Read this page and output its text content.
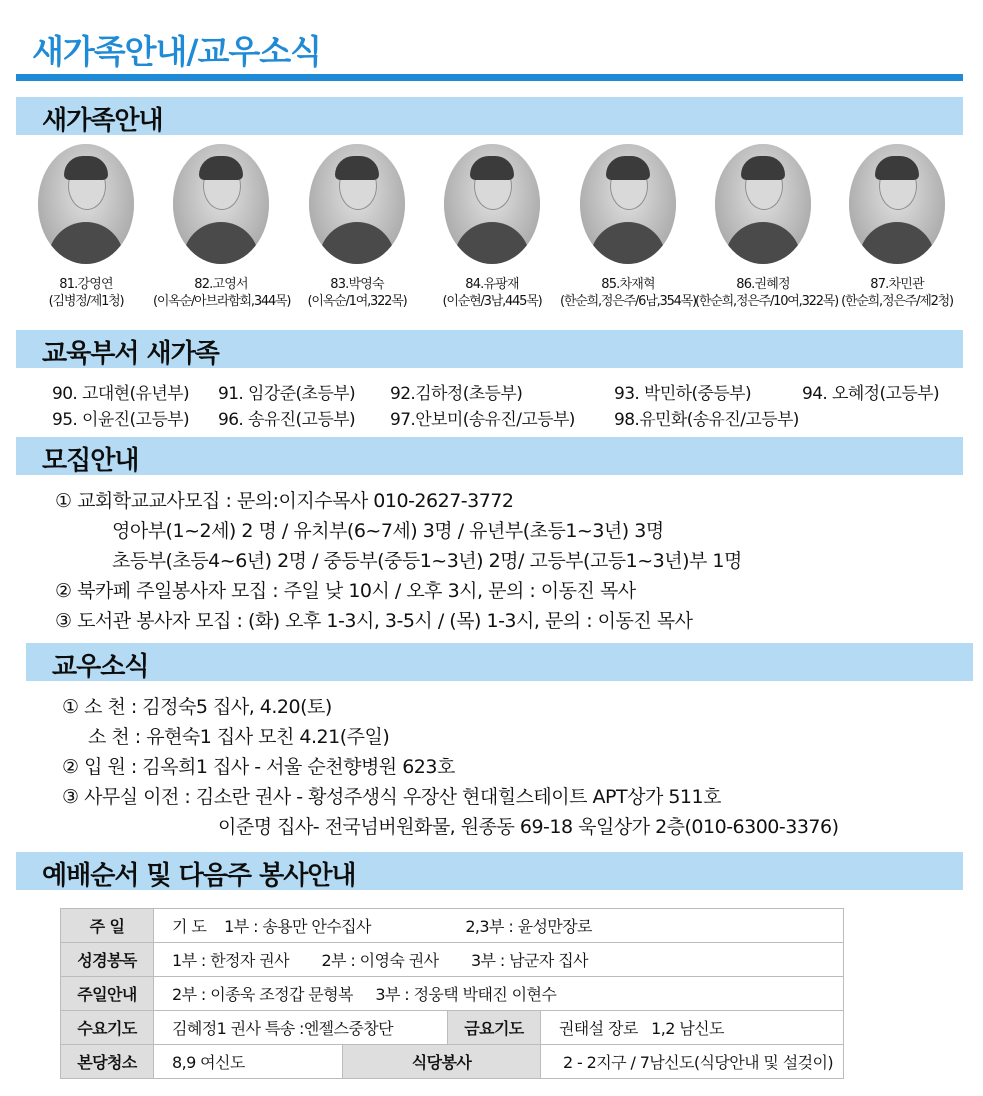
새가족안내/교우소식
새가족안내
81.강영연
(김병정/제1청)
82.고영서
(이옥순/아브라함회,344목)
83.박영숙
(이옥순/1여,322목)
84.유팡재
(이순현/3남,445목)
85.차재혁
(한순희,정은주/6남,354목)
86.권혜정
(한순희,정은주/10여,322목)
87.차민관
(한순희,정은주/제2청)
교육부서 새가족
90. 고대현(유년부) 91. 임강준(초등부) 92.김하정(초등부)	93. 박민하(중등부)	94. 오혜정(고등부)
95. 이윤진(고등부) 96. 송유진(고등부) 97.안보미(송유진/고등부) 98.유민화(송유진/고등부)
모집안내
① 교회학교교사모집 : 문의:이지수목사 010-2627-3772
영아부(1~2세) 2 명 / 유치부(6~7세) 3명 / 유년부(초등1~3년) 3명
초등부(초등4~6년) 2명 / 중등부(중등1~3년) 2명/ 고등부(고등1~3년)부 1명
② 북카페 주일봉사자 모집 : 주일 낮 10시 / 오후 3시, 문의 : 이동진 목사
③ 도서관 봉사자 모집 : (화) 오후 1-3시, 3-5시 / (목) 1-3시, 문의 : 이동진 목사
교우소식
① 소 천 : 김정숙5 집사, 4.20(토)
소 천 : 유현숙1 집사 모친 4.21(주일)
② 입 원 : 김옥희1 집사 - 서울 순천향병원 623호
③ 사무실 이전 : 김소란 권사 - 황성주생식 우장산 현대힐스테이트 APT상가 511호
이준명 집사- 전국넘버원화물, 원종동 69-18 욱일상가 2층(010-6300-3376)
예배순서 및 다음주 봉사안내
주 일	기 도    1부 : 송용만 안수집사 2,3부 : 윤성만장로			
성경봉독	1부 : 한정자 권사 2부 : 이영숙 권사 3부 : 남군자 집사			
주일안내	2부 : 이종욱 조정갑 문형복 3부 : 정웅택 박태진 이현수			
수요기도	김혜정1 권사 특송 :엔젤스중창단		금요기도	권태설 장로   1,2 남신도
본당청소	8,9 여신도	식당봉사		2 - 2지구 / 7남신도(식당안내 및 설겆이)
